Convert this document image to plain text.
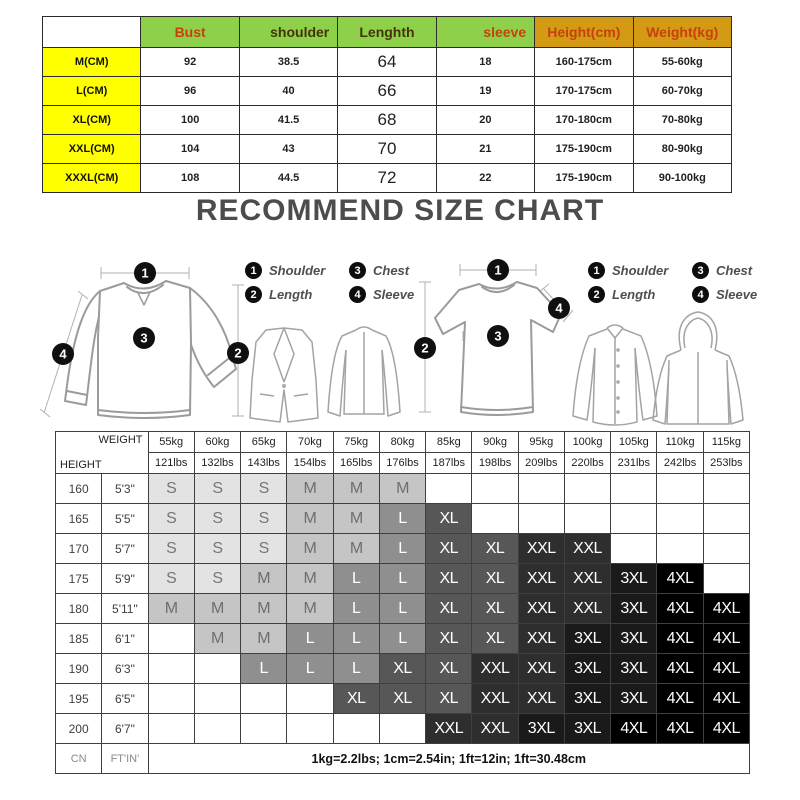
	Bust	shoulder	Lenghth	sleeve	Height(cm)	Weight(kg)
M(CM)	92	38.5	64	18	160-175cm	55-60kg
L(CM)	96	40	66	19	170-175cm	60-70kg
XL(CM)	100	41.5	68	20	170-180cm	70-80kg
XXL(CM)	104	43	70	21	175-190cm	80-90kg
XXXL(CM)	108	44.5	72	22	175-190cm	90-100kg
RECOMMEND SIZE CHART
1
3
2
4
1 Shoulder	3 Chest
2 Length	4 Sleeve
1
2
3
4
1 Shoulder	3 Chest
2 Length	4 Sleeve
WEIGHT
HEIGHT		55kg	60kg	65kg	70kg	75kg	80kg	85kg	90kg	95kg	100kg	105kg	110kg	115kg
		121lbs	132lbs	143lbs	154lbs	165lbs	176lbs	187lbs	198lbs	209lbs	220lbs	231lbs	242lbs	253lbs
160	5'3"	S	S	S	M	M	M							
165	5'5"	S	S	S	M	M	L	XL						
170	5'7"	S	S	S	M	M	L	XL	XL	XXL	XXL			
175	5'9"	S	S	M	M	L	L	XL	XL	XXL	XXL	3XL	4XL	
180	5'11"	M	M	M	M	L	L	XL	XL	XXL	XXL	3XL	4XL	4XL
185	6'1"		M	M	L	L	L	XL	XL	XXL	3XL	3XL	4XL	4XL
190	6'3"			L	L	L	XL	XL	XXL	XXL	3XL	3XL	4XL	4XL
195	6'5"					XL	XL	XL	XXL	XXL	3XL	3XL	4XL	4XL
200	6'7"							XXL	XXL	3XL	3XL	4XL	4XL	4XL
CN	FT'IN'	1kg=2.2lbs; 1cm=2.54in; 1ft=12in; 1ft=30.48cm												
